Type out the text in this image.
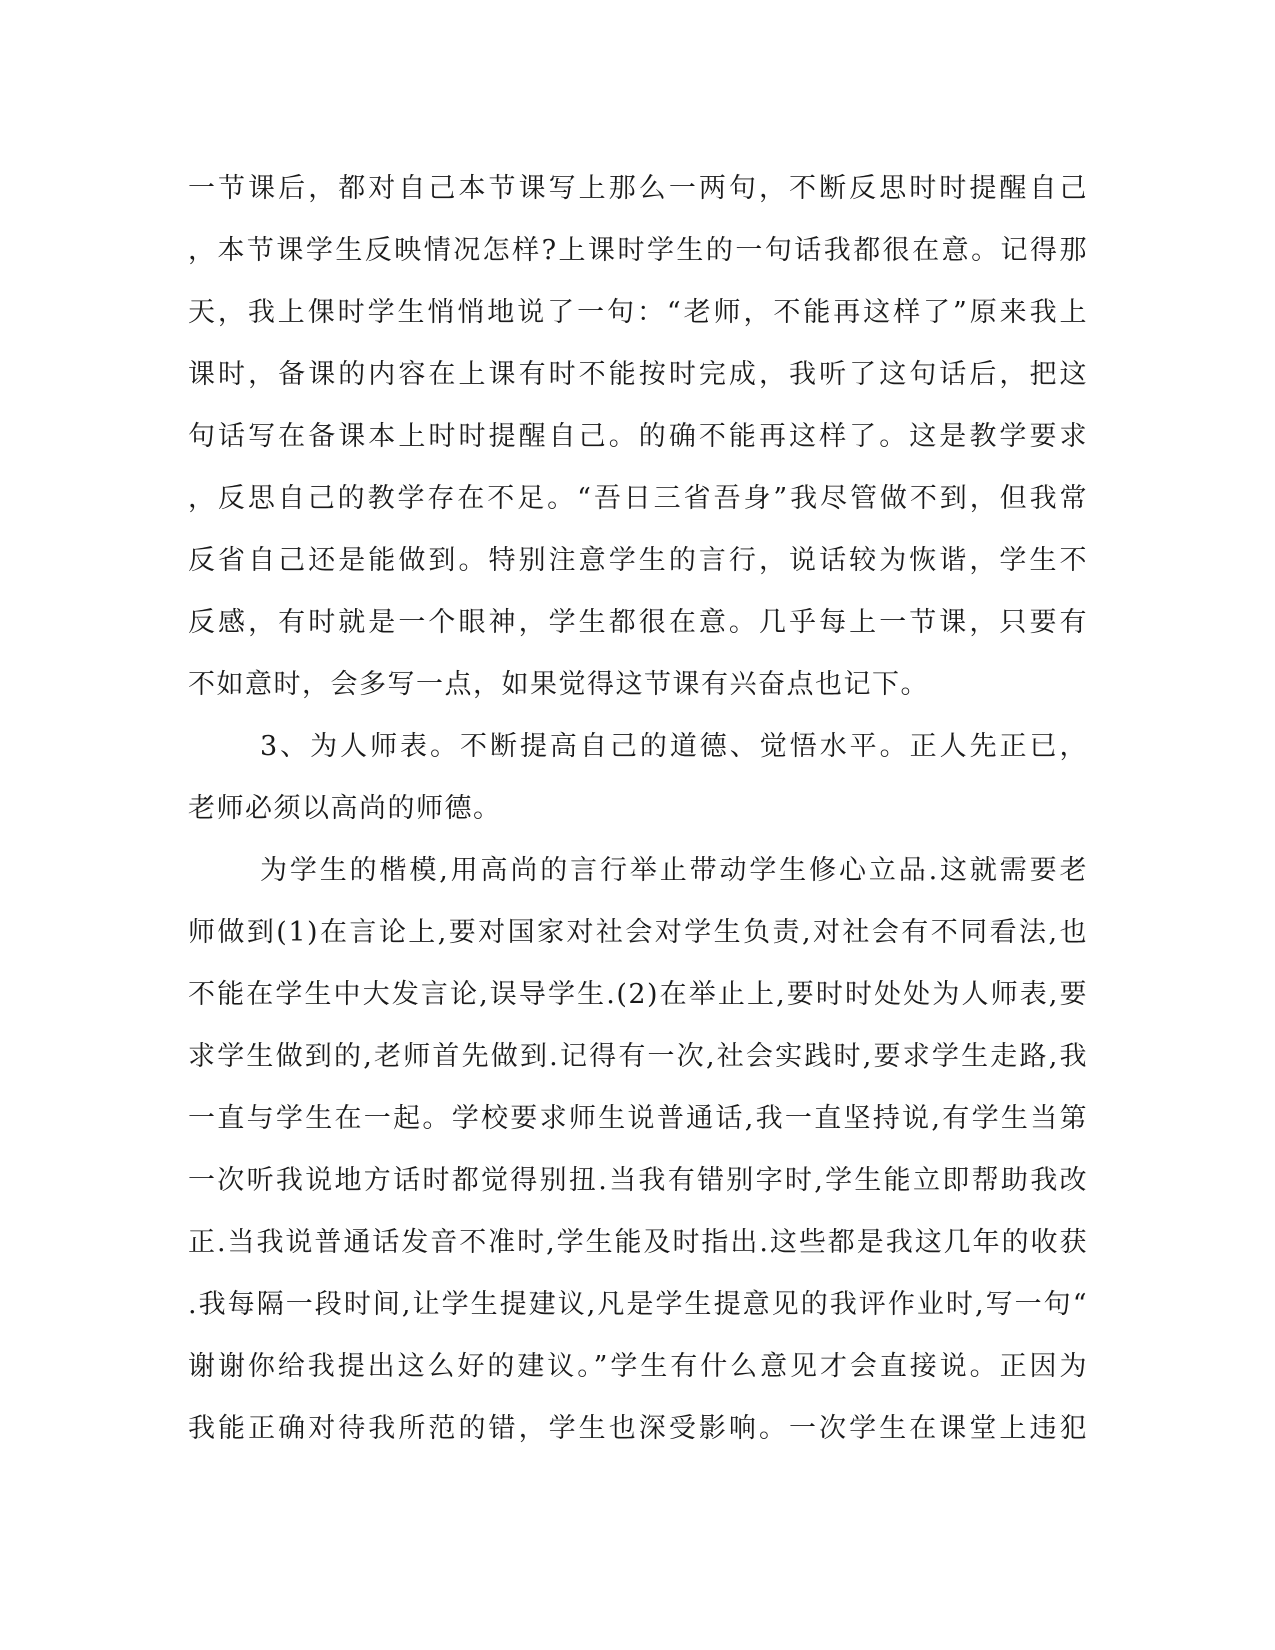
一节课后，都对自己本节课写上那么一两句，不断反思时时提醒自己
，本节课学生反映情况怎样?上课时学生的一句话我都很在意。记得那
天，我上倮时学生悄悄地说了一句：“老师，不能再这样了”原来我上
课时，备课的内容在上课有时不能按时完成，我听了这句话后，把这
句话写在备课本上时时提醒自己。的确不能再这样了。这是教学要求
，反思自己的教学存在不足。“吾日三省吾身”我尽管做不到，但我常
反省自己还是能做到。特别注意学生的言行，说话较为恢谐，学生不
反感，有时就是一个眼神，学生都很在意。几乎每上一节课，只要有
不如意时，会多写一点，如果觉得这节课有兴奋点也记下。
3、为人师表。不断提高自己的道德、觉悟水平。正人先正已，
老师必须以高尚的师德。
为学生的楷模,用高尚的言行举止带动学生修心立品.这就需要老
师做到(1)在言论上,要对国家对社会对学生负责,对社会有不同看法,也
不能在学生中大发言论,误导学生.(2)在举止上,要时时处处为人师表,要
求学生做到的,老师首先做到.记得有一次,社会实践时,要求学生走路,我
一直与学生在一起。学校要求师生说普通话,我一直坚持说,有学生当第
一次听我说地方话时都觉得别扭.当我有错别字时,学生能立即帮助我改
正.当我说普通话发音不准时,学生能及时指出.这些都是我这几年的收获
.我每隔一段时间,让学生提建议,凡是学生提意见的我评作业时,写一句“
谢谢你给我提出这么好的建议。”学生有什么意见才会直接说。正因为
我能正确对待我所范的错，学生也深受影响。一次学生在课堂上违犯
